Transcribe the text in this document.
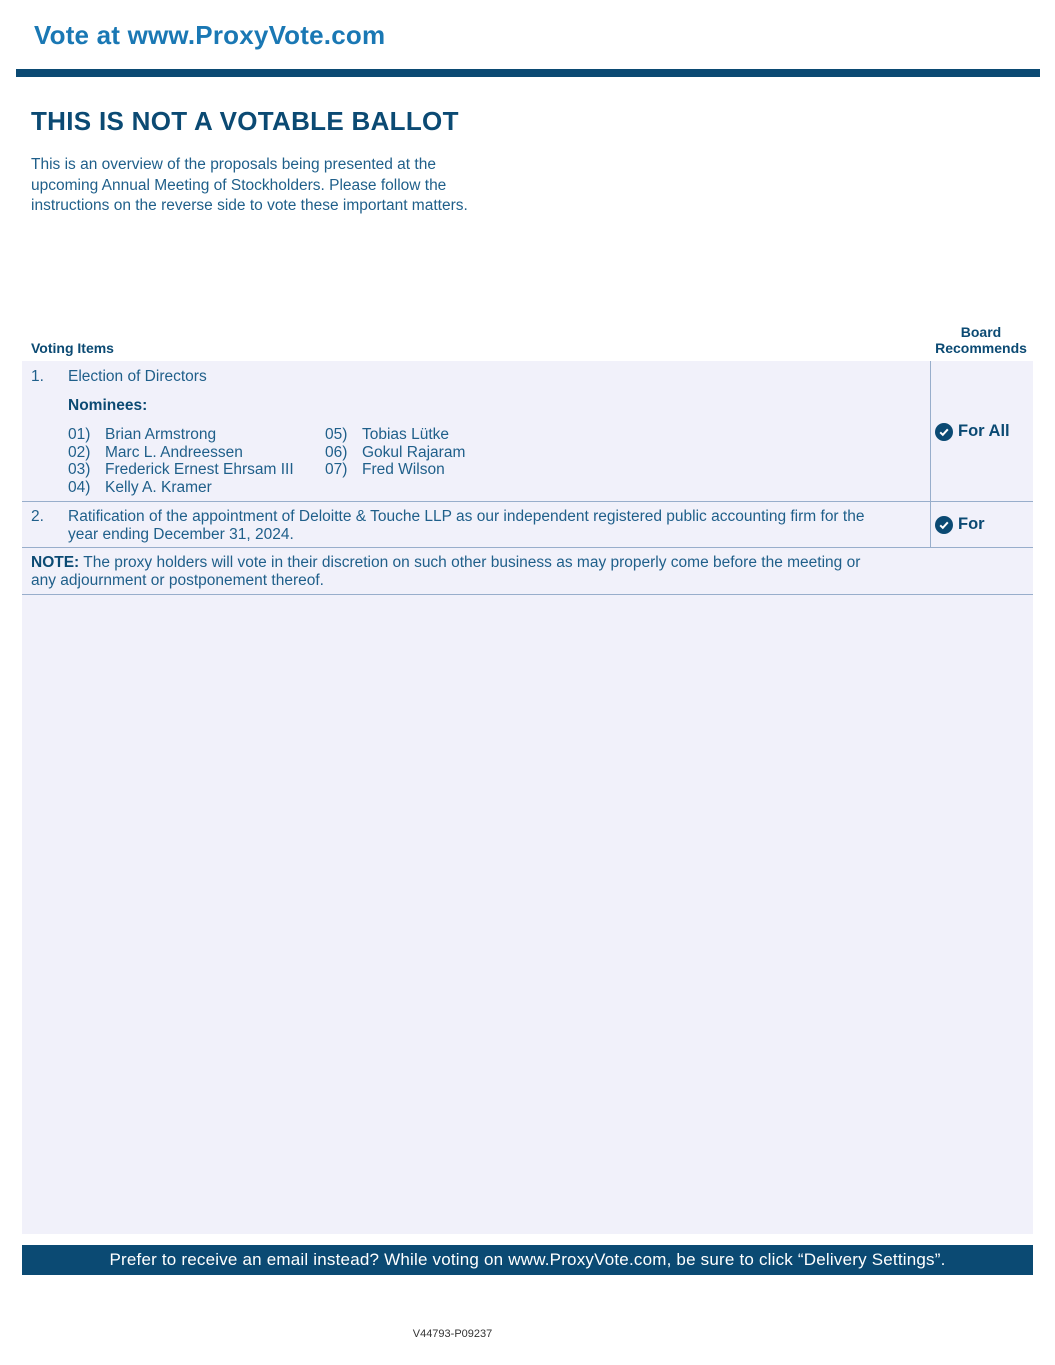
Vote at www.ProxyVote.com
THIS IS NOT A VOTABLE BALLOT
This is an overview of the proposals being presented at the
upcoming Annual Meeting of Stockholders. Please follow the
instructions on the reverse side to vote these important matters.
Voting Items
Board
Recommends
1. Election of Directors
Nominees:
01) Brian Armstrong
02) Marc L. Andreessen
03) Frederick Ernest Ehrsam III
04) Kelly A. Kramer
05) Tobias Lütke
06) Gokul Rajaram
07) Fred Wilson
For All
2. Ratification of the appointment of Deloitte & Touche LLP as our independent registered public accounting firm for the
year ending December 31, 2024.
For
NOTE: The proxy holders will vote in their discretion on such other business as may properly come before the meeting or
any adjournment or postponement thereof.
Prefer to receive an email instead? While voting on www.ProxyVote.com, be sure to click “Delivery Settings”.
V44793-P09237
